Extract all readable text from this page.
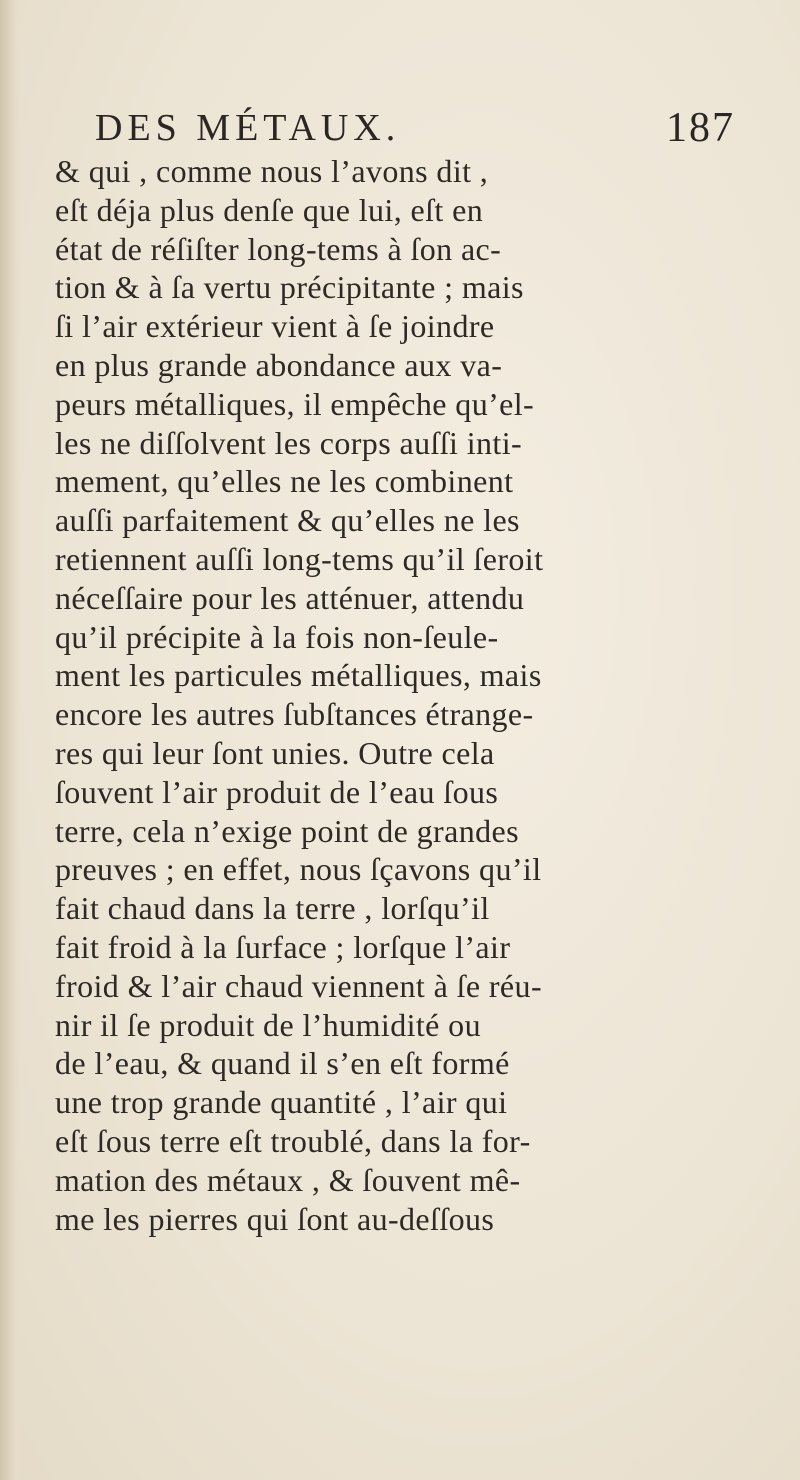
DES MÉTAUX.	187
& qui , comme nous l’avons dit ,
eſt déja plus denſe que lui, eſt en
état de réſiſter long-tems à ſon ac-
tion & à ſa vertu précipitante ; mais
ſi l’air extérieur vient à ſe joindre
en plus grande abondance aux va-
peurs métalliques, il empêche qu’el-
les ne diſſolvent les corps auſſi inti-
mement, qu’elles ne les combinent
auſſi parfaitement & qu’elles ne les
retiennent auſſi long-tems qu’il ſeroit
néceſſaire pour les atténuer, attendu
qu’il précipite à la fois non-ſeule-
ment les particules métalliques, mais
encore les autres ſubſtances étrange-
res qui leur ſont unies. Outre cela
ſouvent l’air produit de l’eau ſous
terre, cela n’exige point de grandes
preuves ; en effet, nous ſçavons qu’il
fait chaud dans la terre , lorſqu’il
fait froid à la ſurface ; lorſque l’air
froid & l’air chaud viennent à ſe réu-
nir il ſe produit de l’humidité ou
de l’eau, & quand il s’en eſt formé
une trop grande quantité , l’air qui
eſt ſous terre eſt troublé, dans la for-
mation des métaux , & ſouvent mê-
me les pierres qui ſont au-deſſous
